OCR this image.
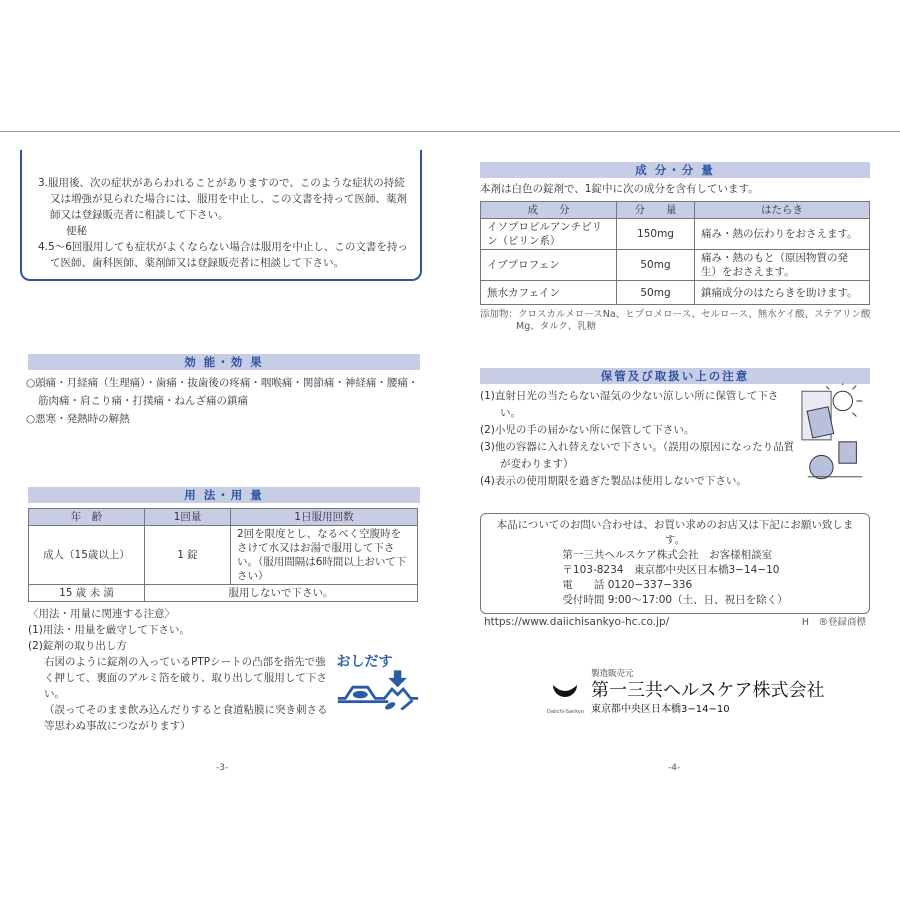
3.服用後、次の症状があらわれることがありますので、このような症状の持続又は増強が見られた場合には、服用を中止し、この文書を持って医師、薬剤師又は登録販売者に相談して下さい。

便秘

4.5～6回服用しても症状がよくならない場合は服用を中止し、この文書を持って医師、歯科医師、薬剤師又は登録販売者に相談して下さい。

効 能・効 果

○頭痛・月経痛（生理痛）・歯痛・抜歯後の疼痛・咽喉痛・関節痛・神経痛・腰痛・筋肉痛・肩こり痛・打撲痛・ねんざ痛の鎮痛

○悪寒・発熱時の解熱

用 法・用 量
年　齢	1回量	1日服用回数
成人（15歳以上）	1 錠	2回を限度とし、なるべく空腹時をさけて水又はお湯で服用して下さい。（服用間隔は6時間以上おいて下さい）
15 歳 未 満	服用しないで下さい。	

〈用法・用量に関連する注意〉

(1)用法・用量を厳守して下さい。

(2)錠剤の取り出し方

右図のように錠剤の入っているPTPシートの凸部を指先で強く押して、裏面のアルミ箔を破り、取り出して服用して下さい。

（誤ってそのまま飲み込んだりすると食道粘膜に突き刺さる等思わぬ事故につながります）

おしだす
-3-
成 分・分 量

本剤は白色の錠剤で、1錠中に次の成分を含有しています。

成　　分	分　　量	はたらき
イソプロピルアンチピリン（ピリン系）	150mg	痛み・熱の伝わりをおさえます。
イブプロフェン	50mg	痛み・熱のもと（原因物質の発生）をおさえます。
無水カフェイン	50mg	鎮痛成分のはたらきを助けます。

添加物：クロスカルメロースNa、ヒプロメロース、セルロース、無水ケイ酸、ステアリン酸Mg、タルク、乳糖

保管及び取扱い上の注意

(1)直射日光の当たらない湿気の少ない涼しい所に保管して下さい。

(2)小児の手の届かない所に保管して下さい。

(3)他の容器に入れ替えないで下さい。（誤用の原因になったり品質が変わります）

(4)表示の使用期限を過ぎた製品は使用しないで下さい。

本品についてのお問い合わせは、お買い求めのお店又は下記にお願い致します。

第一三共ヘルスケア株式会社　お客様相談室

〒103-8234　東京都中央区日本橋3−14−10

電　　話 0120−337−336

受付時間 9:00～17:00（土、日、祝日を除く）

https://www.daiichisankyo-hc.co.jp/	H　®登録商標
Daiichi-Sankyo
製造販売元
第一三共ヘルスケア株式会社
東京都中央区日本橋3−14−10
-4-
